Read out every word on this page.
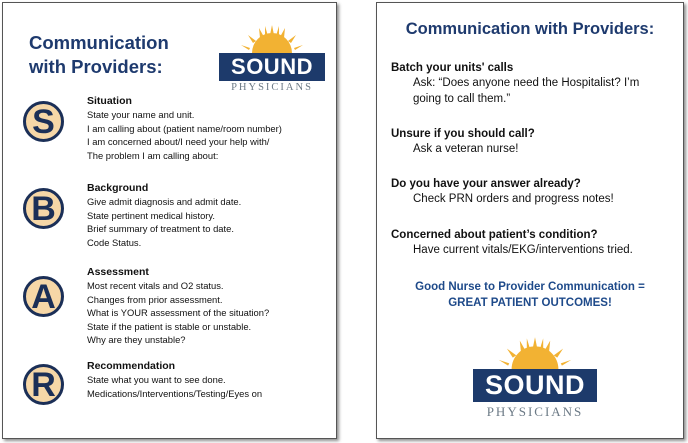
Communication
with Providers:	SOUND
PHYSICIANS
S
Situation
State your name and unit.
I am calling about (patient name/room number)
I am concerned about/I need your help with/
The problem I am calling about:
B
Background
Give admit diagnosis and admit date.
State pertinent medical history.
Brief summary of treatment to date.
Code Status.
A
Assessment
Most recent vitals and O2 status.
Changes from prior assessment.
What is YOUR assessment of the situation?
State if the patient is stable or unstable.
Why are they unstable?
R	Recommendation
State what you want to see done.
Medications/Interventions/Testing/Eyes on
Communication with Providers:
Batch your units' calls
Ask: “Does anyone need the Hospitalist? I’m
going to call them.”
Unsure if you should call?
Ask a veteran nurse!
Do you have your answer already?
Check PRN orders and progress notes!
Concerned about patient’s condition?
Have current vitals/EKG/interventions tried.
Good Nurse to Provider Communication =
GREAT PATIENT OUTCOMES!
SOUND
PHYSICIANS
